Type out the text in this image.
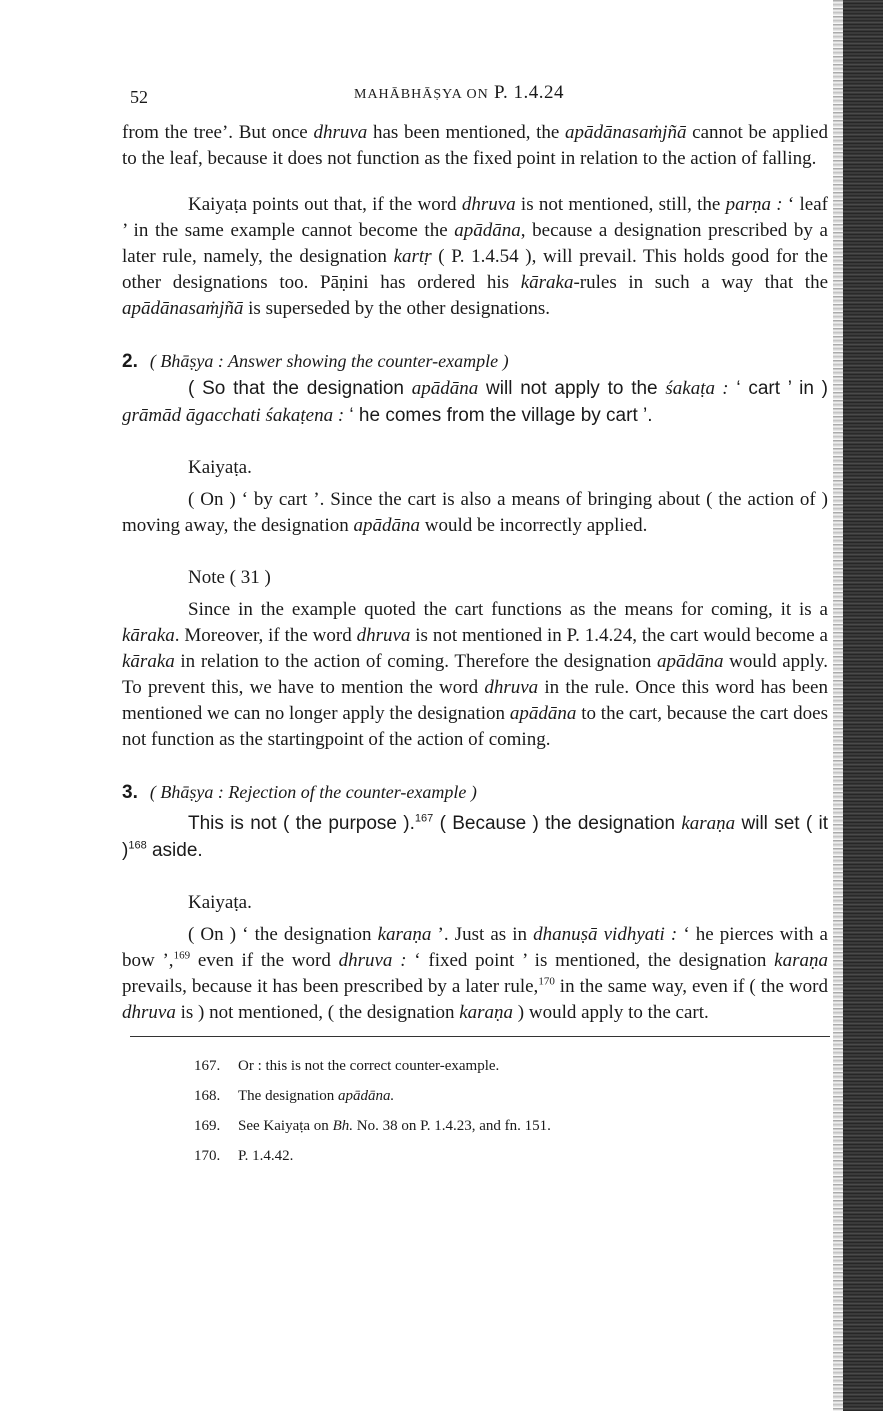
52	MAHĀBHĀṢYA ON P. 1.4.24

from the tree’. But once dhruva has been mentioned, the apādānasaṁjñā cannot be applied to the leaf, because it does not function as the fixed point in relation to the action of falling.

Kaiyaṭa points out that, if the word dhruva is not mentioned, still, the parṇa : ‘ leaf ’ in the same example cannot become the apādāna, because a designation prescribed by a later rule, namely, the designation kartṛ ( P. 1.4.54 ), will prevail. This holds good for the other designations too. Pāṇini has ordered his kāraka-rules in such a way that the apādānasaṁjñā is superseded by the other designations.

2. ( Bhāṣya : Answer showing the counter-example )

( So that the designation apādāna will not apply to the śakaṭa : ‘ cart ’ in ) grāmād āgacchati śakaṭena : ‘ he comes from the village by cart ’.

Kaiyaṭa.

( On ) ‘ by cart ’. Since the cart is also a means of bringing about ( the action of ) moving away, the designation apādāna would be incorrectly applied.

Note ( 31 )

Since in the example quoted the cart functions as the means for coming, it is a kāraka. Moreover, if the word dhruva is not mentioned in P. 1.4.24, the cart would become a kāraka in relation to the action of coming. Therefore the designation apādāna would apply. To prevent this, we have to mention the word dhruva in the rule. Once this word has been mentioned we can no longer apply the designation apādāna to the cart, because the cart does not function as the startingpoint of the action of coming.

3. ( Bhāṣya : Rejection of the counter-example )

This is not ( the purpose ).$^{167}$ ( Because ) the designation karaṇa will set ( it )$^{168}$ aside.

Kaiyaṭa.

( On ) ‘ the designation karaṇa ’. Just as in dhanuṣā vidhyati : ‘ he pierces with a bow ’,$^{169}$ even if the word dhruva : ‘ fixed point ’ is mentioned, the designation karaṇa prevails, because it has been prescribed by a later rule,$^{170}$ in the same way, even if ( the word dhruva is ) not mentioned, ( the designation karaṇa ) would apply to the cart.

167. Or : this is not the correct counter-example.
168. The designation apādāna.
169. See Kaiyaṭa on Bh. No. 38 on P. 1.4.23, and fn. 151.
170. P. 1.4.42.
